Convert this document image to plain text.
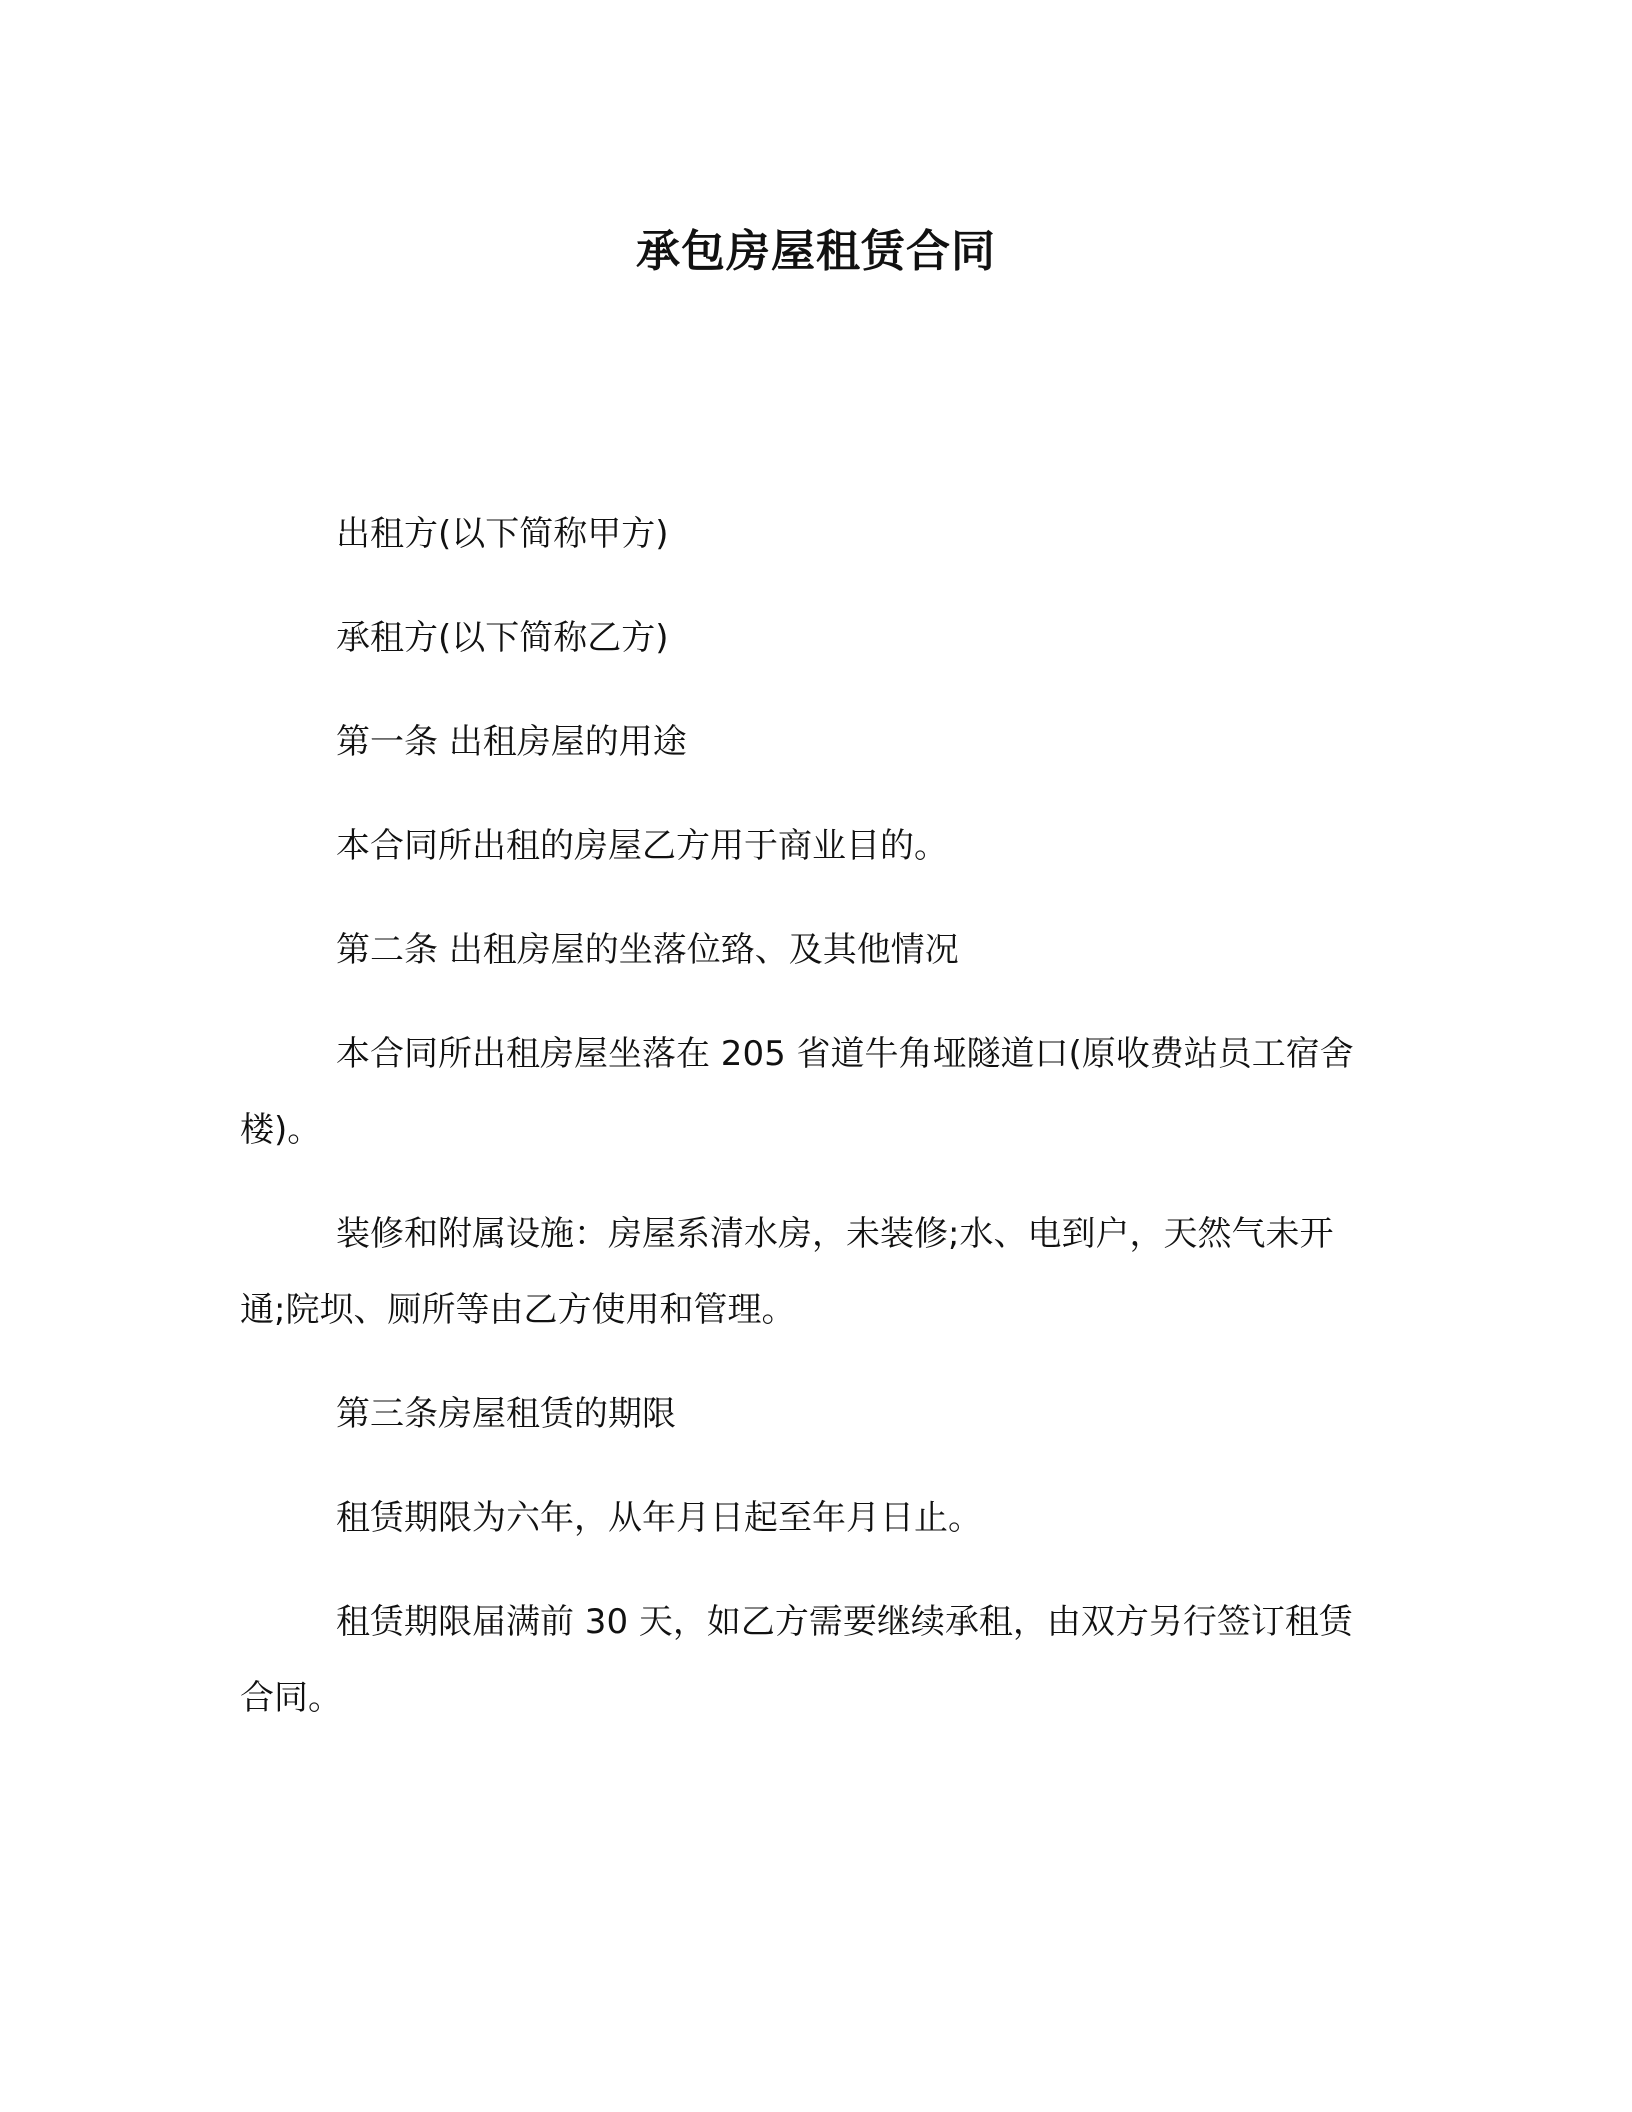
承包房屋租赁合同

出租方(以下简称甲方)

承租方(以下简称乙方)

第一条 出租房屋的用途

本合同所出租的房屋乙方用于商业目的。

第二条 出租房屋的坐落位臵、及其他情况

本合同所出租房屋坐落在 205 省道牛角垭隧道口(原收费站员工宿舍楼)。

装修和附属设施：房屋系清水房，未装修;水、电到户，天然气未开通;院坝、厕所等由乙方使用和管理。

第三条房屋租赁的期限

租赁期限为六年，从年月日起至年月日止。

租赁期限届满前 30 天，如乙方需要继续承租，由双方另行签订租赁合同。
